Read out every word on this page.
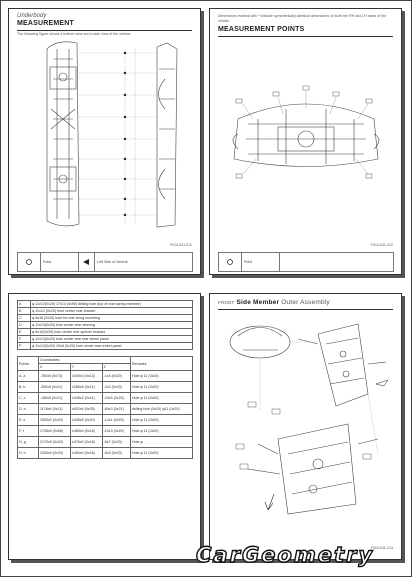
Underbody
MEASUREMENT
The following figure shows a bottom view and a side view of the vehicle.
FIG4 A31-211
Point	Left Side of Vehicle
Dimensions marked with * indicate symmetrically identical dimensions on both the RH and LH sides of the vehicle.
MEASUREMENT POINTS
FIG4 A31-212
Point
A	φ 11x12(0x20) 17x14 (0x90) drilling hole (top of rear spring member)
B	φ 11x12 (0x20) front center rear bracket
C	φ 8x18 (0x20) hole for rear lining mounting
D	φ 11x13(0x20) hole center rear steering
E	φ 8x10(0x20) hole center rear spinner bracket
F	φ 11x12(0x20) hole center rear rear wheel panel
F'	φ 11x12(0x20) 15x8 (0x20) hole center rear wheel panel
Points	Coordinates			Remarks
	X	Y	Z	
A, a	-760x5 (0x73)	±305x3 (0x13)	-1x5 (0x20)	Hole φ 11 (0x20)
B, b	-390x9 (0x21)	±285x6 (0x21)	-2x2 (0x20)	Hole φ 11 (0x20)
C, c	-150x0 (0x21)	±348x2 (0x21)	-23x5 (0x20)	Hole φ 11 (0x20)
D, d	1176x4 (0x11)	±502x6 (0x25)	-84x3 (0x21)	drilling hole (0x20) φ11 (0x20)
E, e	1500x0 (0x20)	±435x6 (0x20)	-14x1 (0x20)	Hole φ 11 (0x20)
F, f	1706x0 (0x56)	±465x0 (0x18)	-10x3 (0x20)	Hole φ 11 (0x20)
G, g	2170x5 (0x20)	±476x0 (0x18)	-6x7 (0x20)	Hole φ
H, h	2300x0 (0x20)	±490x0 (0x18)	-5x3 (0x20)	Hole φ 11 (0x20)
FRONT Side Member Outer Assembly
FIG4 A31-213
CarGeometry
